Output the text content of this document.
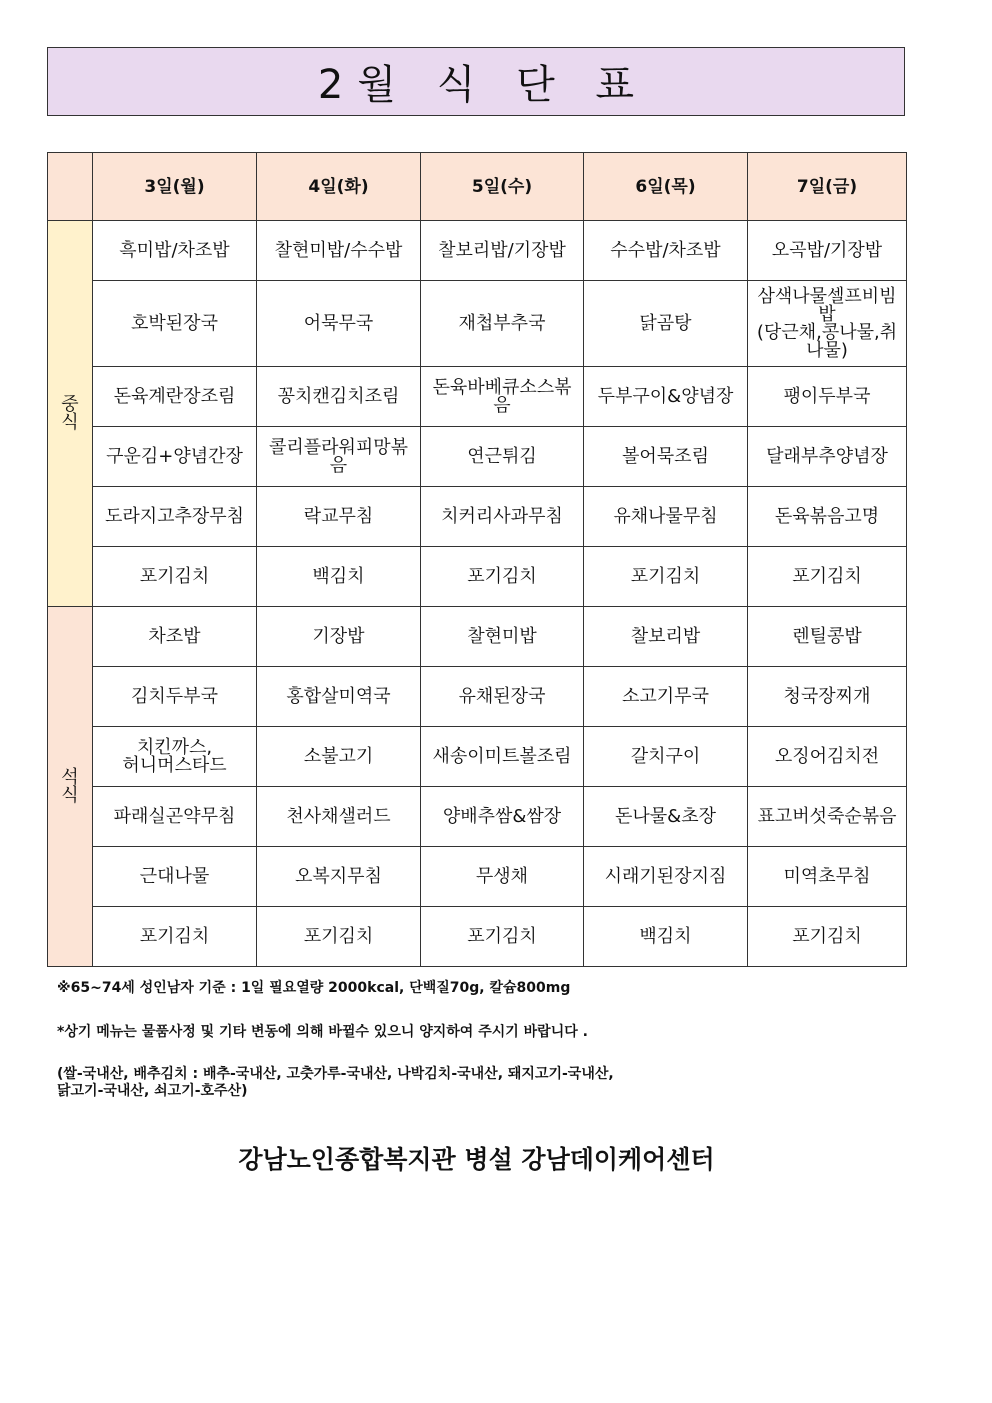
2월 식 단 표
	3일(월)	4일(화)	5일(수)	6일(목)	7일(금)

중
식	흑미밥/차조밥	찰현미밥/수수밥	찰보리밥/기장밥	수수밥/차조밥	오곡밥/기장밥
	호박된장국	어묵무국	재첩부추국	닭곰탕	삼색나물셀프비빔밥
(당근채,콩나물,취나물)
	돈육계란장조림	꽁치캔김치조림	돈육바베큐소스볶음	두부구이&양념장	팽이두부국
	구운김+양념간장	콜리플라워피망볶음	연근튀김	볼어묵조림	달래부추양념장
	도라지고추장무침	락교무침	치커리사과무침	유채나물무침	돈육볶음고명
	포기김치	백김치	포기김치	포기김치	포기김치

석
식	차조밥	기장밥	찰현미밥	찰보리밥	렌틸콩밥
	김치두부국	홍합살미역국	유채된장국	소고기무국	청국장찌개
	치킨까스,
허니머스타드	소불고기	새송이미트볼조림	갈치구이	오징어김치전
	파래실곤약무침	천사채샐러드	양배추쌈&쌈장	돈나물&초장	표고버섯죽순볶음
	근대나물	오복지무침	무생채	시래기된장지짐	미역초무침
	포기김치	포기김치	포기김치	백김치	포기김치
※65~74세 성인남자 기준 : 1일 필요열량 2000kcal, 단백질70g, 칼슘800mg
*상기 메뉴는 물품사정 및 기타 변동에 의해 바뀔수 있으니 양지하여 주시기 바랍니다 .
(쌀-국내산, 배추김치 : 배추-국내산, 고춧가루-국내산, 나박김치-국내산, 돼지고기-국내산,
닭고기-국내산, 쇠고기-호주산)
강남노인종합복지관 병설 강남데이케어센터
